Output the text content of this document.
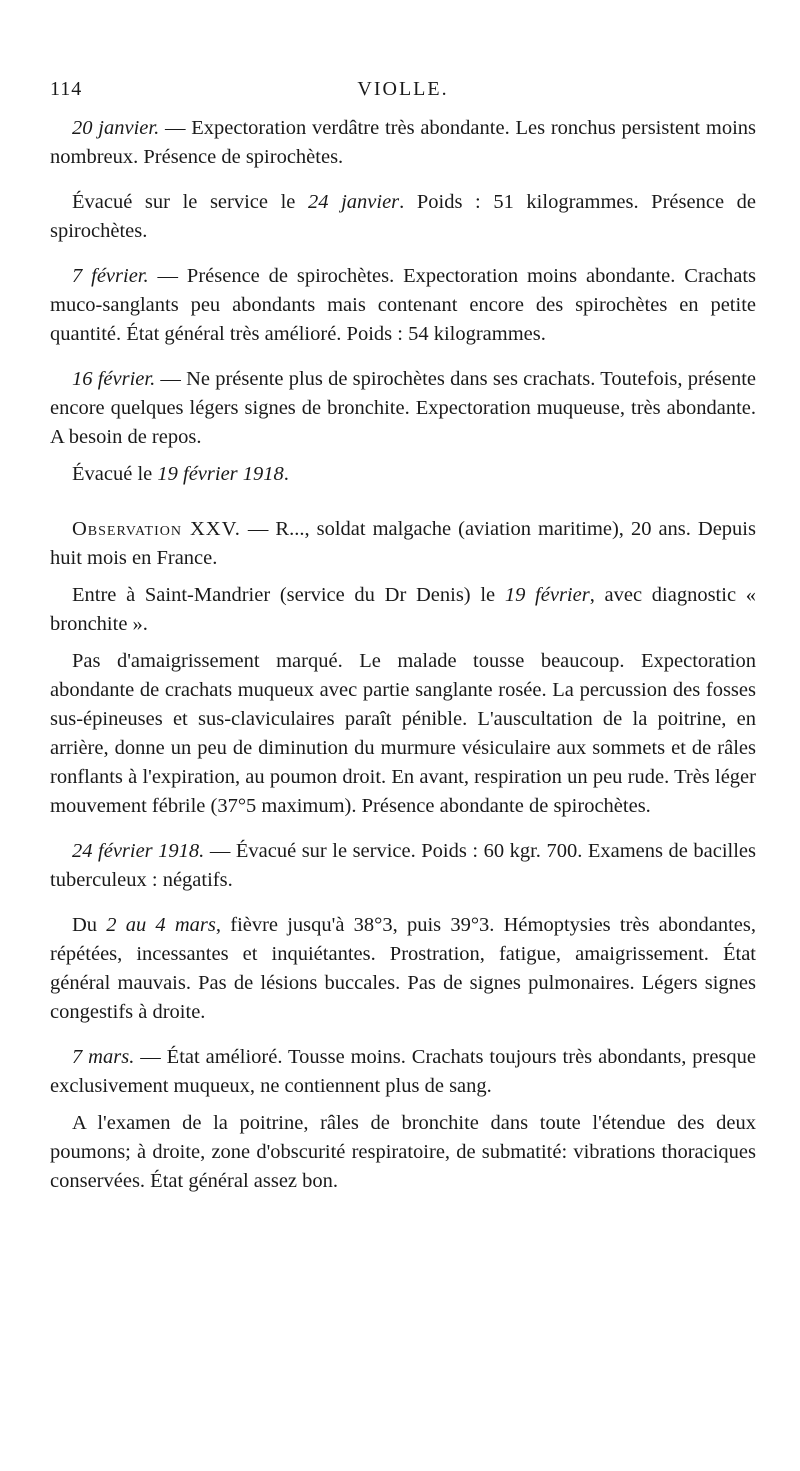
114	VIOLLE.

20 janvier. — Expectoration verdâtre très abondante. Les ronchus persistent moins nombreux. Présence de spirochètes.

Évacué sur le service le 24 janvier. Poids : 51 kilogrammes. Présence de spirochètes.

7 février. — Présence de spirochètes. Expectoration moins abondante. Crachats muco-sanglants peu abondants mais contenant encore des spirochètes en petite quantité. État général très amélioré. Poids : 54 kilogrammes.

16 février. — Ne présente plus de spirochètes dans ses crachats. Toutefois, présente encore quelques légers signes de bronchite. Expectoration muqueuse, très abondante. A besoin de repos.

Évacué le 19 février 1918.

Observation XXV. — R..., soldat malgache (aviation maritime), 20 ans. Depuis huit mois en France.

Entre à Saint-Mandrier (service du Dr Denis) le 19 février, avec diagnostic « bronchite ».

Pas d'amaigrissement marqué. Le malade tousse beaucoup. Expectoration abondante de crachats muqueux avec partie sanglante rosée. La percussion des fosses sus-épineuses et sus-claviculaires paraît pénible. L'auscultation de la poitrine, en arrière, donne un peu de diminution du murmure vésiculaire aux sommets et de râles ronflants à l'expiration, au poumon droit. En avant, respiration un peu rude. Très léger mouvement fébrile (37°5 maximum). Présence abondante de spirochètes.

24 février 1918. — Évacué sur le service. Poids : 60 kgr. 700. Examens de bacilles tuberculeux : négatifs.

Du 2 au 4 mars, fièvre jusqu'à 38°3, puis 39°3. Hémoptysies très abondantes, répétées, incessantes et inquiétantes. Prostration, fatigue, amaigrissement. État général mauvais. Pas de lésions buccales. Pas de signes pulmonaires. Légers signes congestifs à droite.

7 mars. — État amélioré. Tousse moins. Crachats toujours très abondants, presque exclusivement muqueux, ne contiennent plus de sang.

A l'examen de la poitrine, râles de bronchite dans toute l'étendue des deux poumons; à droite, zone d'obscurité respiratoire, de submatité: vibrations thoraciques conservées. État général assez bon.
